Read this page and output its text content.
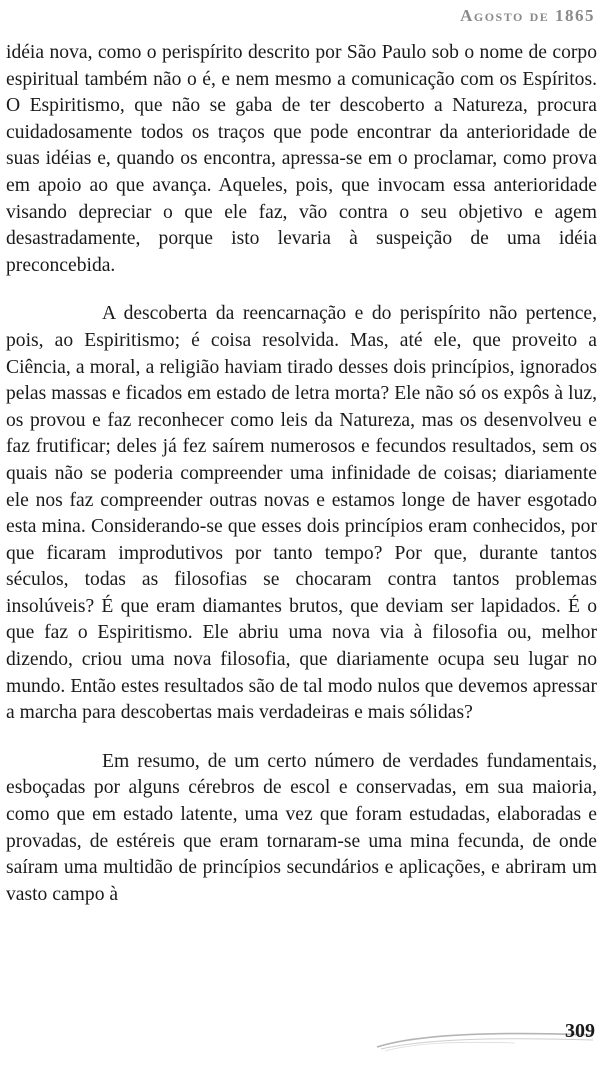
Agosto de 1865

idéia nova, como o perispírito descrito por São Paulo sob o nome de corpo espiritual também não o é, e nem mesmo a comunicação com os Espíritos. O Espiritismo, que não se gaba de ter descoberto a Natureza, procura cuidadosamente todos os traços que pode encontrar da anterioridade de suas idéias e, quando os encontra, apressa-se em o proclamar, como prova em apoio ao que avança. Aqueles, pois, que invocam essa anterioridade visando depreciar o que ele faz, vão contra o seu objetivo e agem desastradamente, porque isto levaria à suspeição de uma idéia preconcebida.

A descoberta da reencarnação e do perispírito não pertence, pois, ao Espiritismo; é coisa resolvida. Mas, até ele, que proveito a Ciência, a moral, a religião haviam tirado desses dois princípios, ignorados pelas massas e ficados em estado de letra morta? Ele não só os expôs à luz, os provou e faz reconhecer como leis da Natureza, mas os desenvolveu e faz frutificar; deles já fez saírem numerosos e fecundos resultados, sem os quais não se poderia compreender uma infinidade de coisas; diariamente ele nos faz compreender outras novas e estamos longe de haver esgotado esta mina. Considerando-se que esses dois princípios eram conhecidos, por que ficaram improdutivos por tanto tempo? Por que, durante tantos séculos, todas as filosofias se chocaram contra tantos problemas insolúveis? É que eram diamantes brutos, que deviam ser lapidados. É o que faz o Espiritismo. Ele abriu uma nova via à filosofia ou, melhor dizendo, criou uma nova filosofia, que diariamente ocupa seu lugar no mundo. Então estes resultados são de tal modo nulos que devemos apressar a marcha para descobertas mais verdadeiras e mais sólidas?

Em resumo, de um certo número de verdades fundamentais, esboçadas por alguns cérebros de escol e conservadas, em sua maioria, como que em estado latente, uma vez que foram estudadas, elaboradas e provadas, de estéreis que eram tornaram-se uma mina fecunda, de onde saíram uma multidão de princípios secundários e aplicações, e abriram um vasto campo à

309
